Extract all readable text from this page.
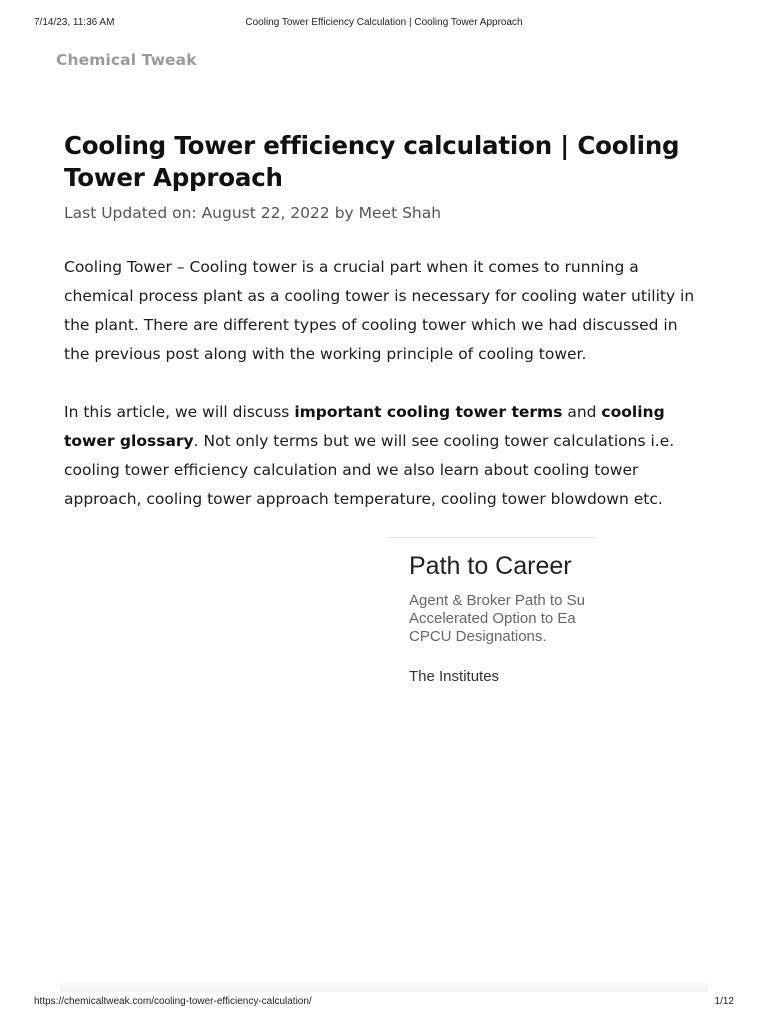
7/14/23, 11:36 AM	Cooling Tower Efficiency Calculation | Cooling Tower Approach
Chemical Tweak
Cooling Tower efficiency calculation | Cooling Tower Approach
Last Updated on: August 22, 2022 by Meet Shah

Cooling Tower – Cooling tower is a crucial part when it comes to running a chemical process plant as a cooling tower is necessary for cooling water utility in the plant. There are different types of cooling tower which we had discussed in the previous post along with the working principle of cooling tower.

In this article, we will discuss important cooling tower terms and cooling tower glossary. Not only terms but we will see cooling tower calculations i.e. cooling tower efficiency calculation and we also learn about cooling tower approach, cooling tower approach temperature, cooling tower blowdown etc.

Path to Career
Agent & Broker Path to Su
Accelerated Option to Ea
CPCU Designations.
The Institutes
https://chemicaltweak.com/cooling-tower-efficiency-calculation/	1/12
